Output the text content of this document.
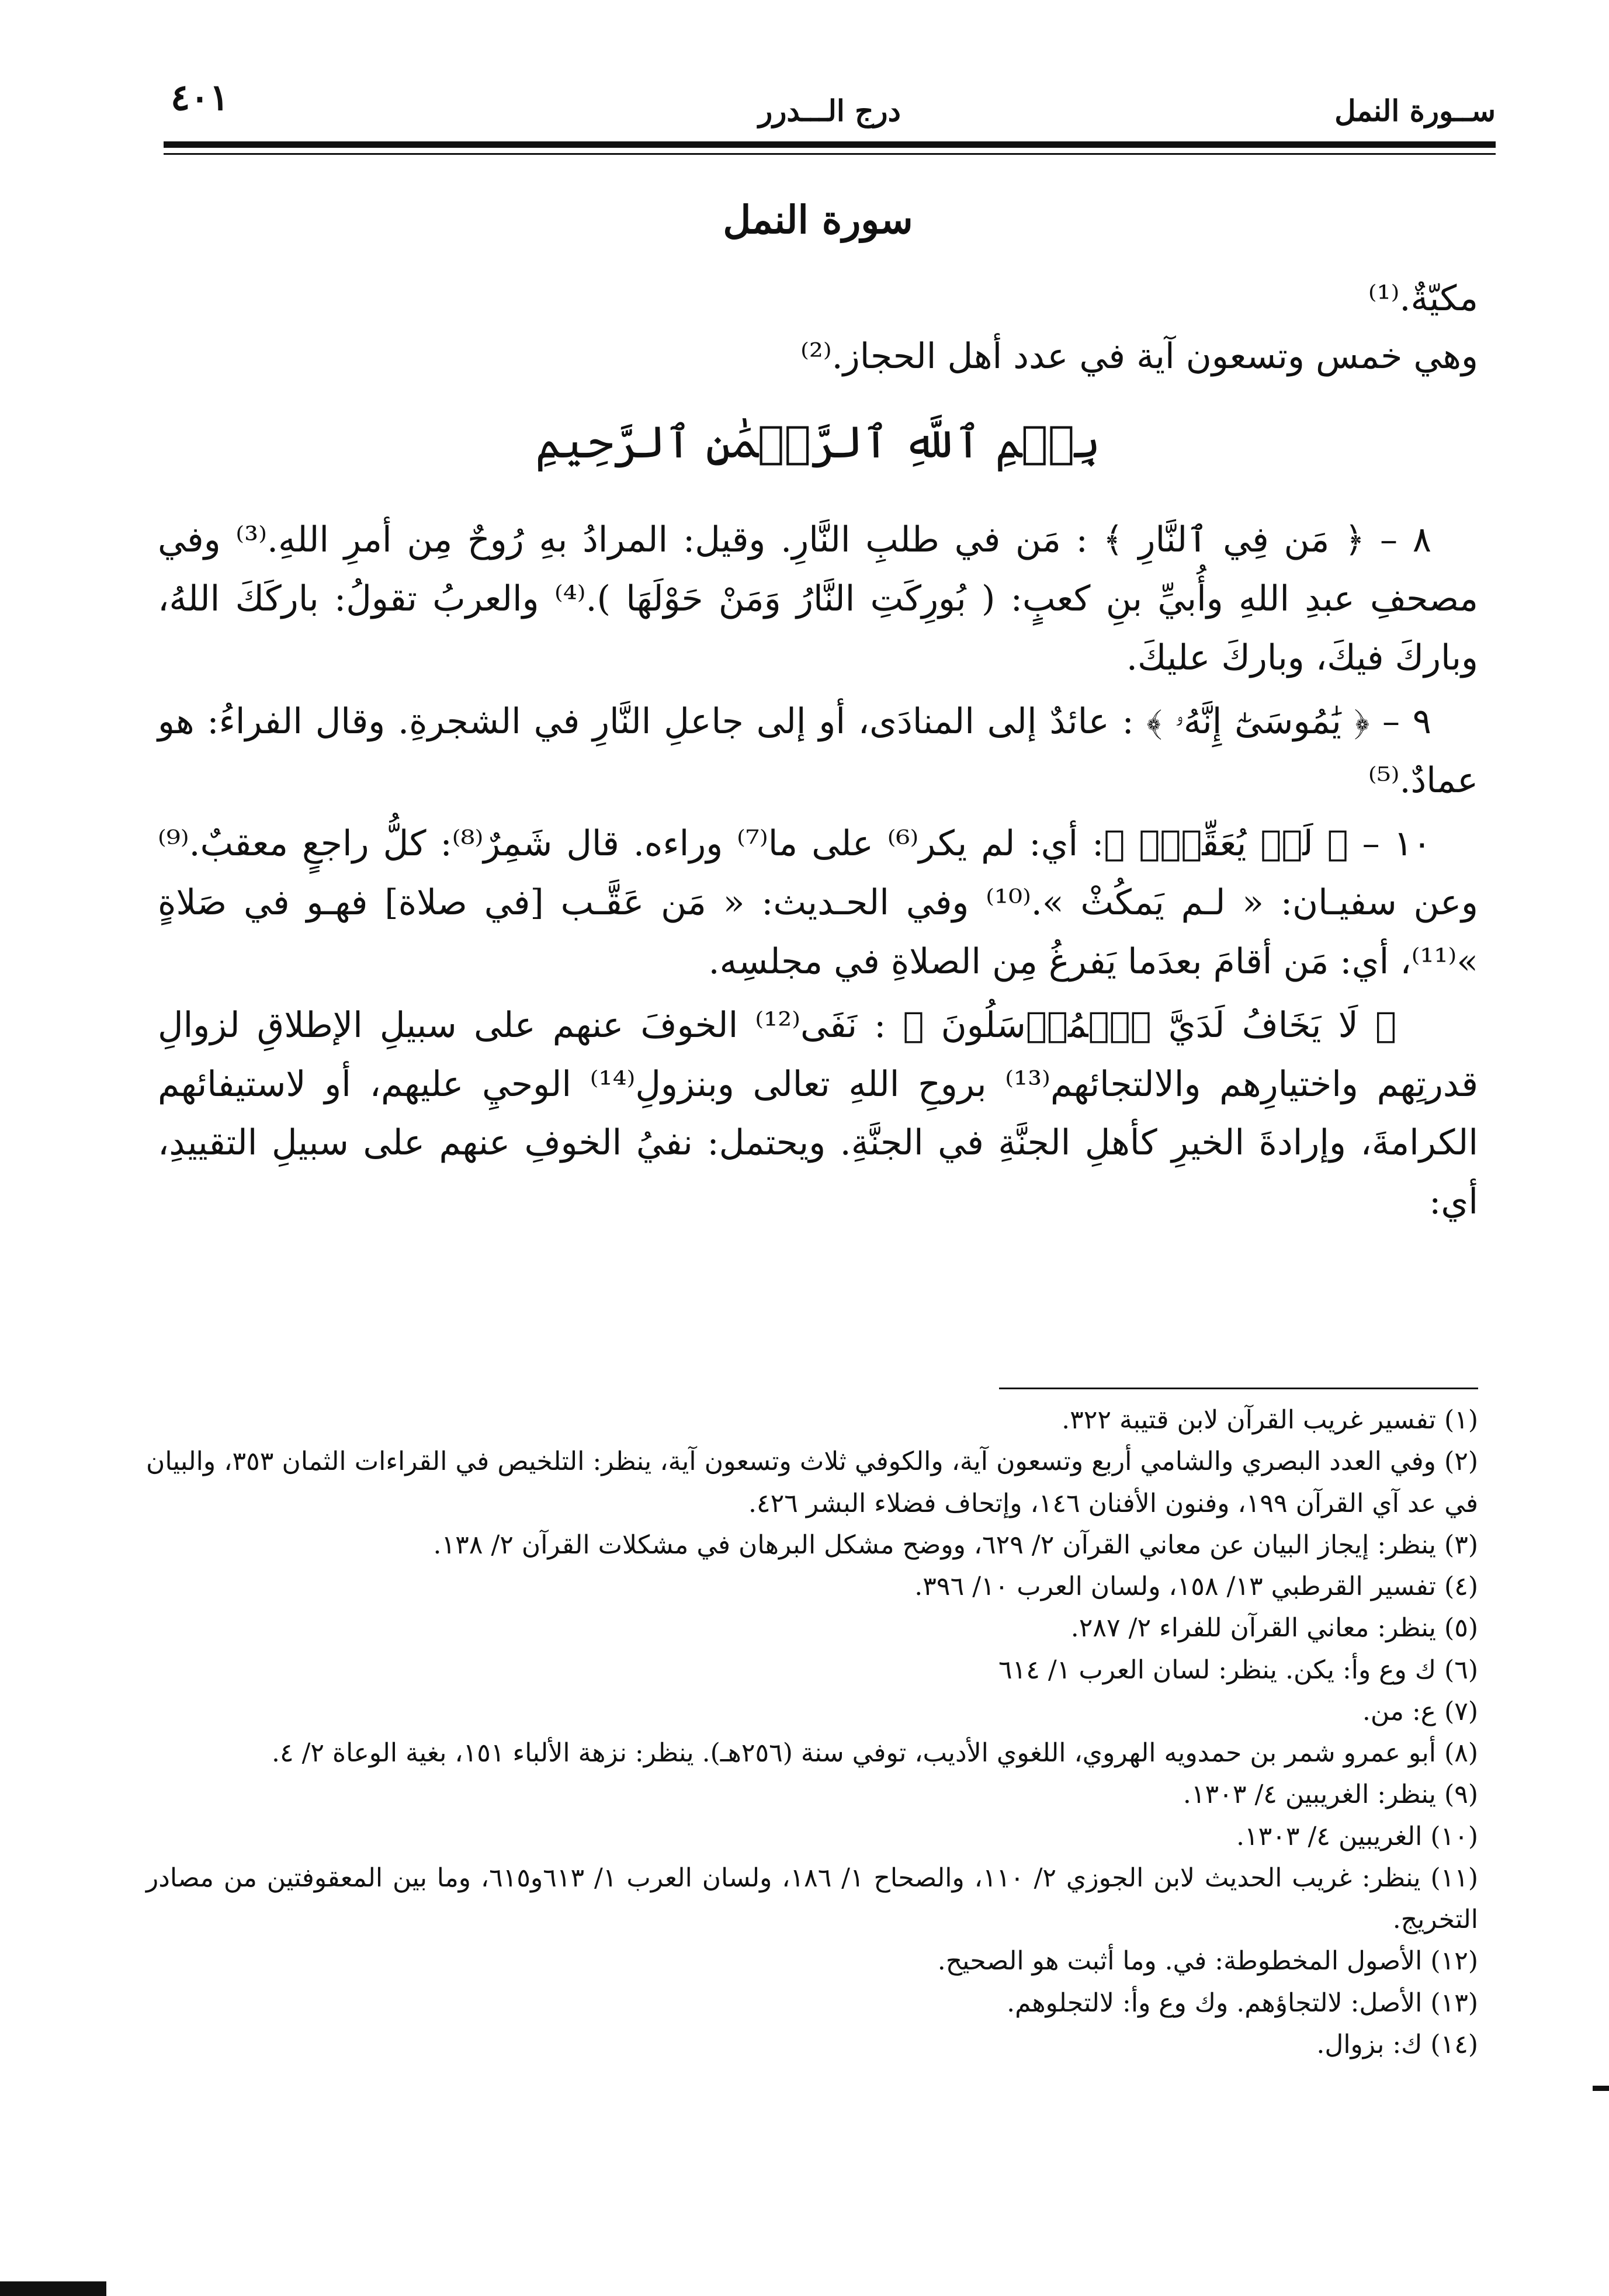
ســورة النمل
درج الـــدرر
٤٠١
سورة النمل

مكيّةٌ.⁽¹⁾

وهي خمس وتسعون آية في عدد أهل الحجاز.⁽²⁾

بِسۡمِ ٱللَّهِ ٱلرَّحۡمَٰنِ ٱلرَّحِيمِ

٨ – ﴿ مَن فِي ٱلنَّارِ ﴾ : مَن في طلبِ النَّارِ. وقيل: المرادُ بهِ رُوحٌ مِن أمرِ اللهِ.⁽³⁾ وفي مصحفِ عبدِ اللهِ وأُبيِّ بنِ كعبٍ: ( بُورِكَتِ النَّارُ وَمَنْ حَوْلَهَا ).⁽⁴⁾ والعربُ تقولُ: باركَكَ اللهُ، وباركَ فيكَ، وباركَ عليكَ.

٩ – ﴿ يَٰمُوسَىٰٓ إِنَّهُۥ ﴾ : عائدٌ إلى المنادَى، أو إلى جاعلِ النَّارِ في الشجرةِ. وقال الفراءُ: هو عمادٌ.⁽⁵⁾

١٠ – ﴿ لَمۡ يُعَقِّبۡۚ ﴾: أي: لم يكر⁽⁶⁾ على ما⁽⁷⁾ وراءه. قال شَمِرٌ⁽⁸⁾: كلُّ راجعٍ معقبٌ.⁽⁹⁾ وعن سفيـان: « لـم يَمكُثْ ».⁽¹⁰⁾ وفي الحـديث: « مَن عَقَّـب [في صلاة] فهـو في صَلاةٍ »⁽¹¹⁾، أي: مَن أقامَ بعدَما يَفرغُ مِن الصلاةِ في مجلسِه.

﴿ لَا يَخَافُ لَدَيَّ ٱلۡمُرۡسَلُونَ ﴾ : نَفَى⁽¹²⁾ الخوفَ عنهم على سبيلِ الإطلاقِ لزوالِ قدرتِهم واختيارِهم والالتجائهم⁽¹³⁾ بروحِ اللهِ تعالى وبنزولِ⁽¹⁴⁾ الوحيِ عليهم، أو لاستيفائهم الكرامةَ، وإرادةَ الخيرِ كأهلِ الجنَّةِ في الجنَّةِ. ويحتمل: نفيُ الخوفِ عنهم على سبيلِ التقييدِ، أي:

(١) تفسير غريب القرآن لابن قتيبة ٣٢٢.

(٢) وفي العدد البصري والشامي أربع وتسعون آية، والكوفي ثلاث وتسعون آية، ينظر: التلخيص في القراءات الثمان ٣٥٣، والبيان في عد آي القرآن ١٩٩، وفنون الأفنان ١٤٦، وإتحاف فضلاء البشر ٤٢٦.

(٣) ينظر: إيجاز البيان عن معاني القرآن ٢/ ٦٢٩، ووضح مشكل البرهان في مشكلات القرآن ٢/ ١٣٨.

(٤) تفسير القرطبي ١٣/ ١٥٨، ولسان العرب ١٠/ ٣٩٦.

(٥) ينظر: معاني القرآن للفراء ٢/ ٢٨٧.

(٦) ك وع وأ: يكن. ينظر: لسان العرب ١/ ٦١٤

(٧) ع: من.

(٨) أبو عمرو شمر بن حمدويه الهروي، اللغوي الأديب، توفي سنة (٢٥٦هـ). ينظر: نزهة الألباء ١٥١، بغية الوعاة ٢/ ٤.

(٩) ينظر: الغريبين ٤/ ١٣٠٣.

(١٠) الغريبين ٤/ ١٣٠٣.

(١١) ينظر: غريب الحديث لابن الجوزي ٢/ ١١٠، والصحاح ١/ ١٨٦، ولسان العرب ١/ ٦١٣و٦١٥، وما بين المعقوفتين من مصادر التخريج.

(١٢) الأصول المخطوطة: في. وما أثبت هو الصحيح.

(١٣) الأصل: لالتجاؤهم. وك وع وأ: لالتجلوهم.

(١٤) ك: بزوال.
